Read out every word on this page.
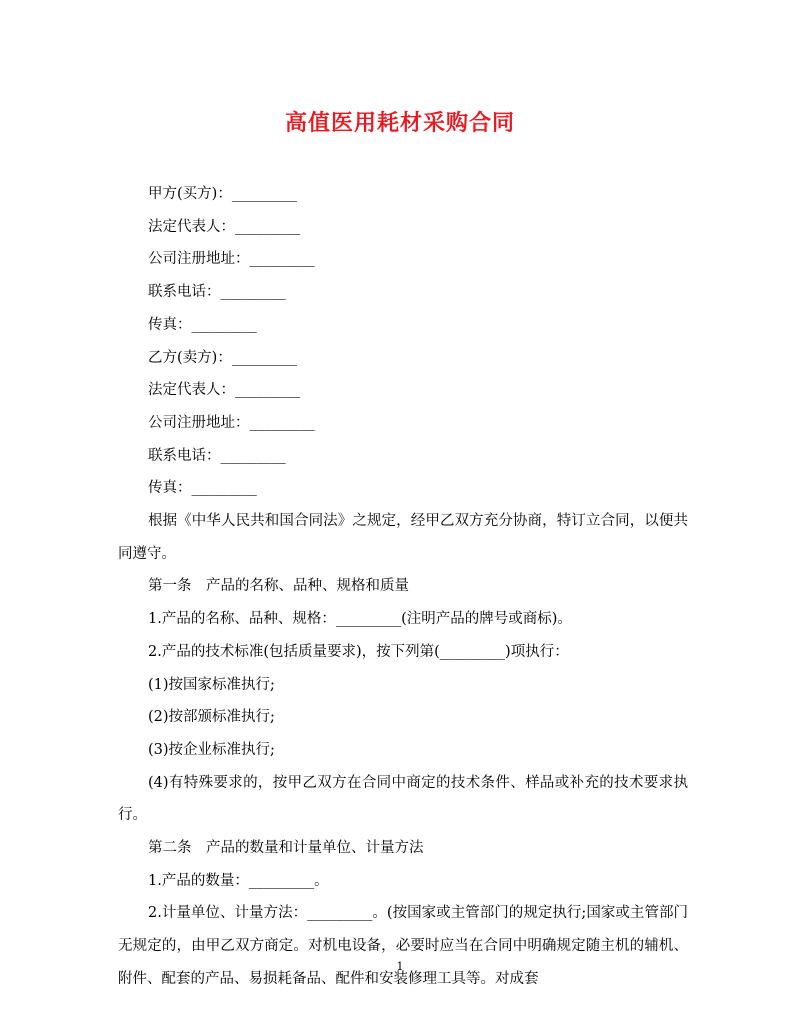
高值医用耗材采购合同

甲方(买方)：_________

法定代表人：_________

公司注册地址：_________

联系电话：_________

传真：_________

乙方(卖方)：_________

法定代表人：_________

公司注册地址：_________

联系电话：_________

传真：_________

根据《中华人民共和国合同法》之规定，经甲乙双方充分协商，特订立合同，以便共同遵守。

第一条　产品的名称、品种、规格和质量

1.产品的名称、品种、规格：_________(注明产品的牌号或商标)。

2.产品的技术标准(包括质量要求)，按下列第(_________)项执行：

(1)按国家标准执行;

(2)按部颁标准执行;

(3)按企业标准执行;

(4)有特殊要求的，按甲乙双方在合同中商定的技术条件、样品或补充的技术要求执行。

第二条　产品的数量和计量单位、计量方法

1.产品的数量：_________。

2.计量单位、计量方法：_________。(按国家或主管部门的规定执行;国家或主管部门无规定的，由甲乙双方商定。对机电设备，必要时应当在合同中明确规定随主机的辅机、附件、配套的产品、易损耗备品、配件和安装修理工具等。对成套

1
